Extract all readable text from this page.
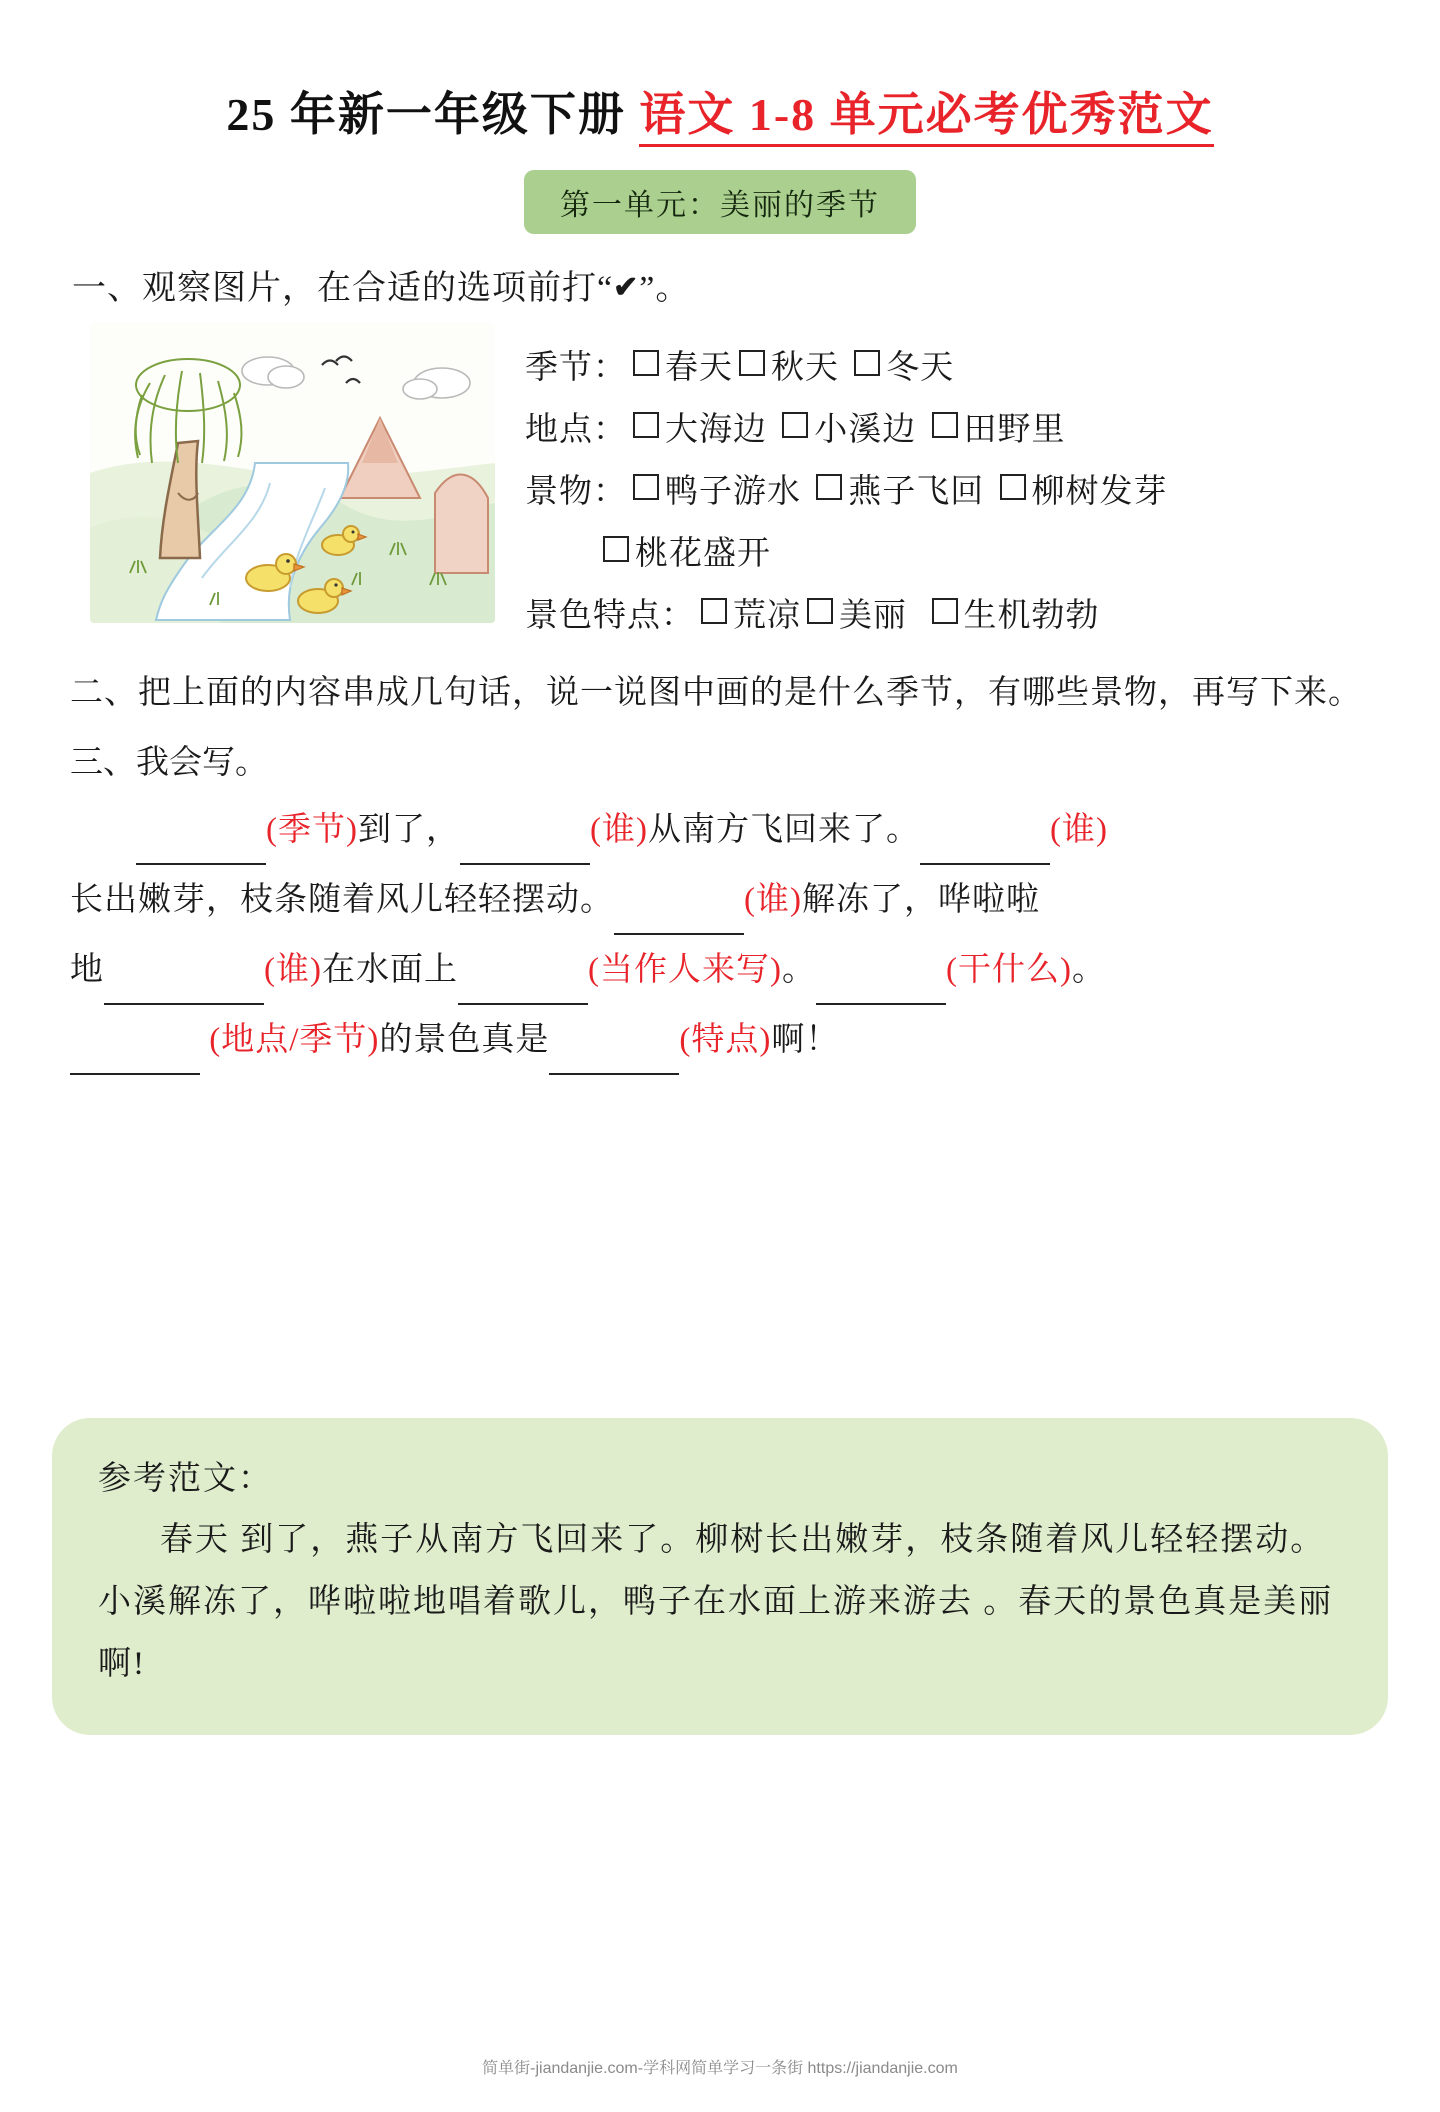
25 年新一年级下册 语文 1-8 单元必考优秀范文
第一单元：美丽的季节
一、观察图片，在合适的选项前打“✔”。
季节： 春天 秋天 冬天
地点： 大海边 小溪边 田野里
景物： 鸭子游水 燕子飞回 柳树发芽
桃花盛开
景色特点： 荒凉 美丽 生机勃勃
二、把上面的内容串成几句话，说一说图中画的是什么季节，有哪些景物，再写下来。
三、我会写。
(季节)到了，	(谁)从南方飞回来了。	(谁)
长出嫩芽，枝条随着风儿轻轻摆动。	(谁)解冻了，哗啦啦
地	(谁)在水面上	(当作人来写)。	(干什么)。
(地点/季节)的景色真是	(特点)啊！
参考范文：
春天 到了，燕子从南方飞回来了。柳树长出嫩芽，枝条随着风儿轻轻摆动。小溪解冻了，哗啦啦地唱着歌儿，鸭子在水面上游来游去 。春天的景色真是美丽啊!
简单街-jiandanjie.com-学科网简单学习一条街 https://jiandanjie.com
